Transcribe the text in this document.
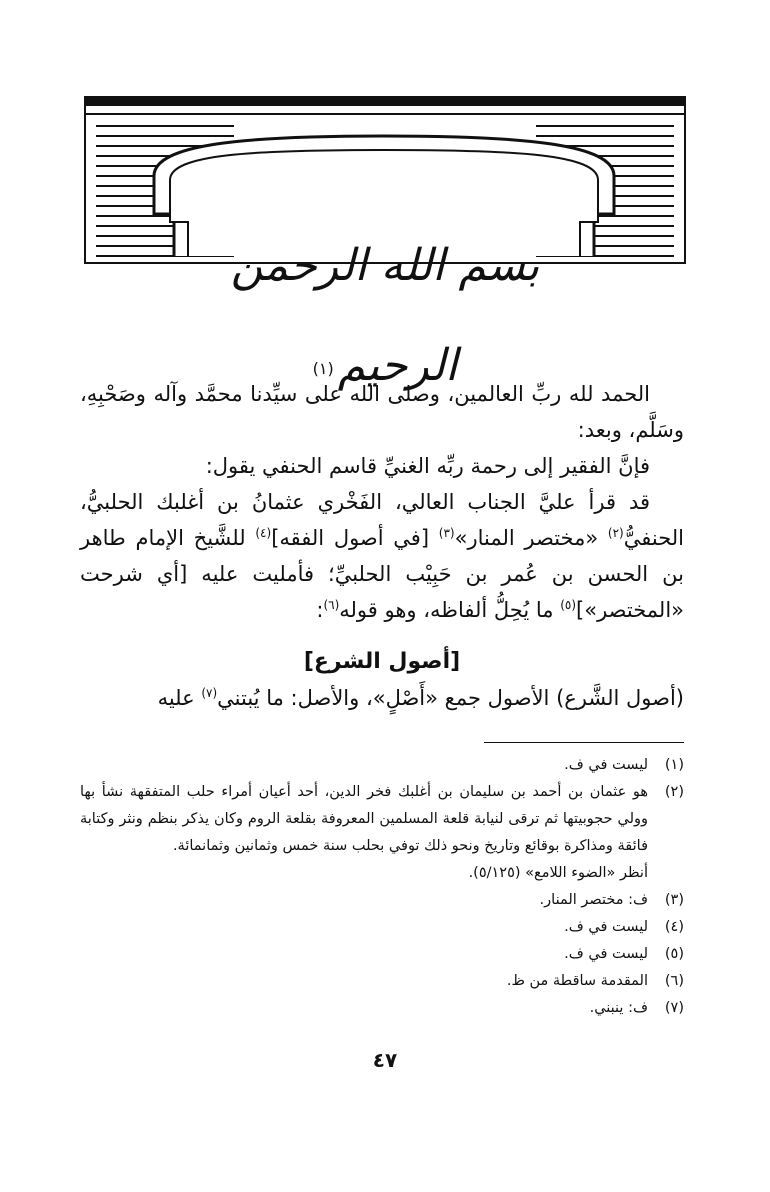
بسم الله الرحمن الرحيم(١)

الحمد لله ربِّ العالمين، وصلى الله على سيِّدنا محمَّد وآله وصَحْبِهِ، وسَلَّم، وبعد:

فإنَّ الفقير إلى رحمة ربِّه الغنيِّ قاسم الحنفي يقول:

قد قرأ عليَّ الجناب العالي، الفَخْري عثمانُ بن أغلبك الحلبيُّ، الحنفيُّ$^{(٢)}$ «مختصر المنار»$^{(٣)}$ [في أصول الفقه]$^{(٤)}$ للشَّيخ الإمام طاهر بن الحسن بن عُمر بن حَبِيْب الحلبيِّ؛ فأمليت عليه [أي شرحت «المختصر»]$^{(٥)}$ ما يُحِلُّ ألفاظه، وهو قوله$^{(٦)}$:

[أصول الشرع]
(أصول الشَّرع) الأصول جمع «أَصْلٍ»، والأصل: ما يُبتني$^{(٧)}$ عليه
(١)
ليست في ف.
(٢)
هو عثمان بن أحمد بن سليمان بن أغلبك فخر الدين، أحد أعيان أمراء حلب المتفقهة نشأ بها وولي حجوبيتها ثم ترقى لنيابة قلعة المسلمين المعروفة بقلعة الروم وكان يذكر بنظم ونثر وكتابة فائقة ومذاكرة بوقائع وتاريخ ونحو ذلك توفي بحلب سنة خمس وثمانين وثمانمائة.
أنظر «الضوء اللامع» (٥/١٢٥).
(٣)
ف: مختصر المنار.
(٤)
ليست في ف.
(٥)
ليست في ف.
(٦)
المقدمة ساقطة من ظ.
(٧)
ف: ينبني.
٤٧
